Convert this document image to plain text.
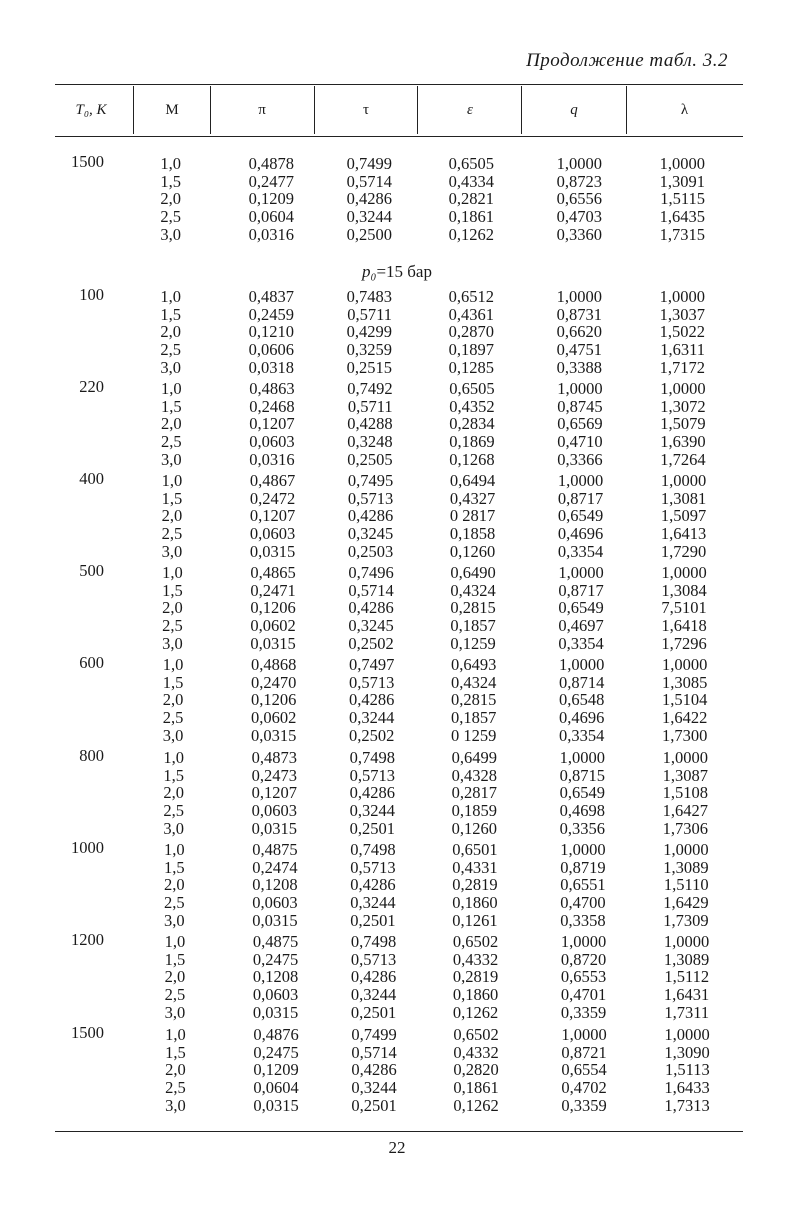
Продолжение табл. 3.2
T₀, К	M	π	τ	ε	q	λ
1500	1,0	0,4878	0,7499	0,6505	1,0000	1,0000
1,5	0,2477	0,5714	0,4334	0,8723	1,3091
2,0	0,1209	0,4286	0,2821	0,6556	1,5115
2,5	0,0604	0,3244	0,1861	0,4703	1,6435
3,0	0,0316	0,2500	0,1262	0,3360	1,7315
100	1,0	0,4837	0,7483	0,6512	1,0000	1,0000
1,5	0,2459	0,5711	0,4361	0,8731	1,3037
2,0	0,1210	0,4299	0,2870	0,6620	1,5022
2,5	0,0606	0,3259	0,1897	0,4751	1,6311
3,0	0,0318	0,2515	0,1285	0,3388	1,7172
220	1,0	0,4863	0,7492	0,6505	1,0000	1,0000
1,5	0,2468	0,5711	0,4352	0,8745	1,3072
2,0	0,1207	0,4288	0,2834	0,6569	1,5079
2,5	0,0603	0,3248	0,1869	0,4710	1,6390
3,0	0,0316	0,2505	0,1268	0,3366	1,7264
400	1,0	0,4867	0,7495	0,6494	1,0000	1,0000
1,5	0,2472	0,5713	0,4327	0,8717	1,3081
2,0	0,1207	0,4286	0 2817	0,6549	1,5097
2,5	0,0603	0,3245	0,1858	0,4696	1,6413
3,0	0,0315	0,2503	0,1260	0,3354	1,7290
500	1,0	0,4865	0,7496	0,6490	1,0000	1,0000
1,5	0,2471	0,5714	0,4324	0,8717	1,3084
2,0	0,1206	0,4286	0,2815	0,6549	7,5101
2,5	0,0602	0,3245	0,1857	0,4697	1,6418
3,0	0,0315	0,2502	0,1259	0,3354	1,7296
600	1,0	0,4868	0,7497	0,6493	1,0000	1,0000
1,5	0,2470	0,5713	0,4324	0,8714	1,3085
2,0	0,1206	0,4286	0,2815	0,6548	1,5104
2,5	0,0602	0,3244	0,1857	0,4696	1,6422
3,0	0,0315	0,2502	0 1259	0,3354	1,7300
800	1,0	0,4873	0,7498	0,6499	1,0000	1,0000
1,5	0,2473	0,5713	0,4328	0,8715	1,3087
2,0	0,1207	0,4286	0,2817	0,6549	1,5108
2,5	0,0603	0,3244	0,1859	0,4698	1,6427
3,0	0,0315	0,2501	0,1260	0,3356	1,7306
1000	1,0	0,4875	0,7498	0,6501	1,0000	1,0000
1,5	0,2474	0,5713	0,4331	0,8719	1,3089
2,0	0,1208	0,4286	0,2819	0,6551	1,5110
2,5	0,0603	0,3244	0,1860	0,4700	1,6429
3,0	0,0315	0,2501	0,1261	0,3358	1,7309
1200	1,0	0,4875	0,7498	0,6502	1,0000	1,0000
1,5	0,2475	0,5713	0,4332	0,8720	1,3089
2,0	0,1208	0,4286	0,2819	0,6553	1,5112
2,5	0,0603	0,3244	0,1860	0,4701	1,6431
3,0	0,0315	0,2501	0,1262	0,3359	1,7311
1500	1,0	0,4876	0,7499	0,6502	1,0000	1,0000
1,5	0,2475	0,5714	0,4332	0,8721	1,3090
2,0	0,1209	0,4286	0,2820	0,6554	1,5113
2,5	0,0604	0,3244	0,1861	0,4702	1,6433
3,0	0,0315	0,2501	0,1262	0,3359	1,7313
p₀=15 бар
22
